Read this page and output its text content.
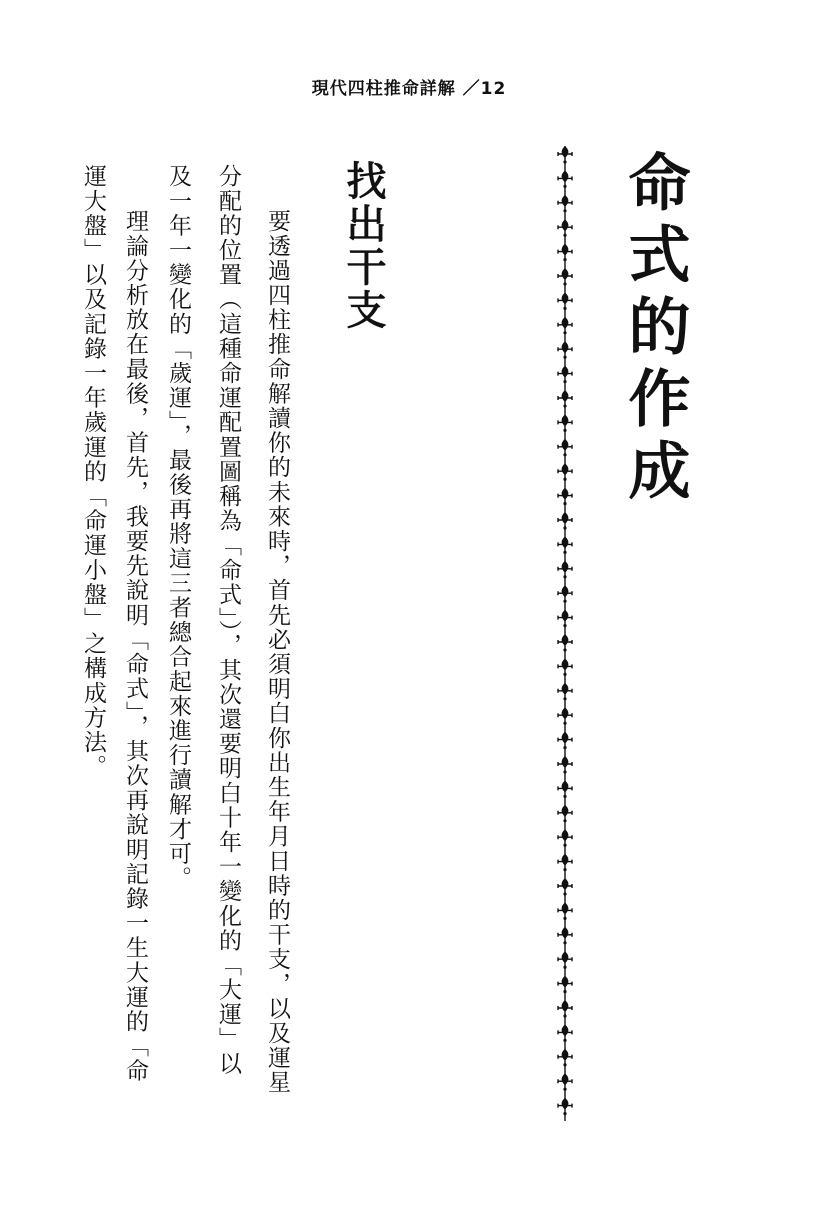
現代四柱推命詳解 ／12
命式的作成
找出干支
要透過四柱推命解讀你的未來時，首先必須明白你出生年月日時的干支，以及運星
分配的位置（這種命運配置圖稱為「命式」），其次還要明白十年一變化的「大運」以
及一年一變化的「歲運」，最後再將這三者總合起來進行讀解才可。
理論分析放在最後，首先，我要先說明「命式」，其次再說明記錄一生大運的「命
運大盤」以及記錄一年歲運的「命運小盤」之構成方法。
